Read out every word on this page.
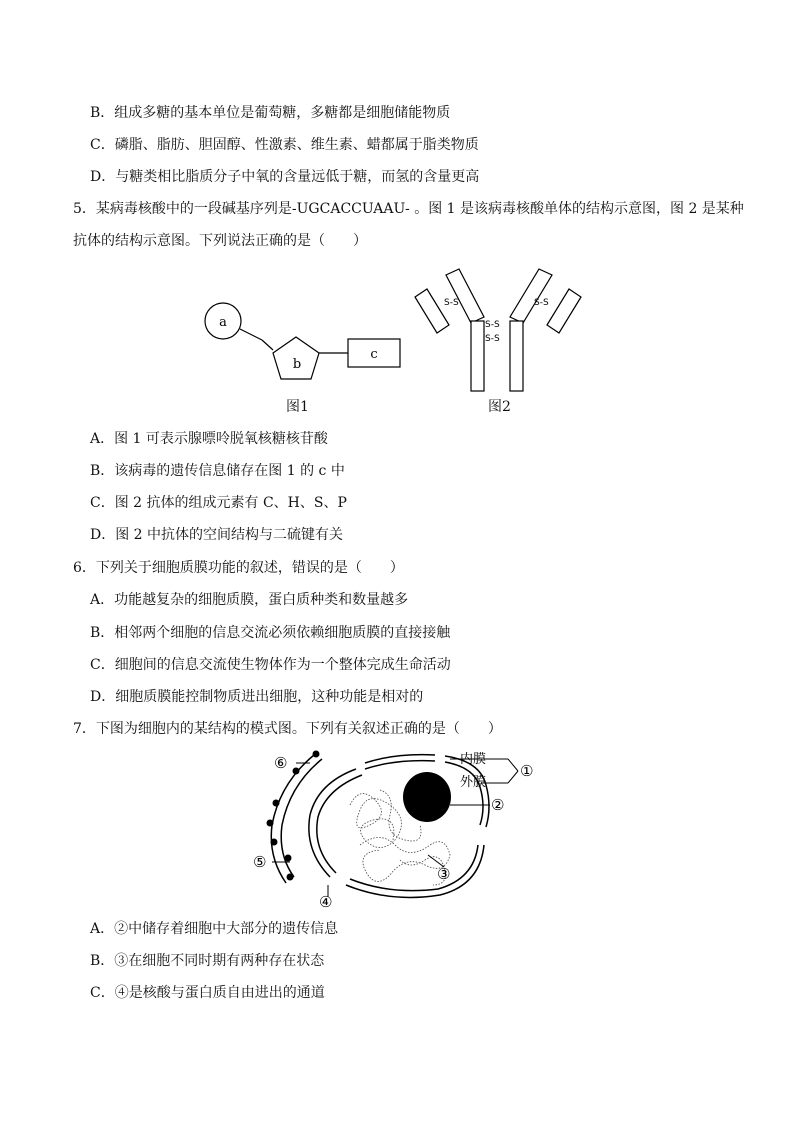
B．组成多糖的基本单位是葡萄糖，多糖都是细胞储能物质
C．磷脂、脂肪、胆固醇、性激素、维生素、蜡都属于脂类物质
D．与糖类相比脂质分子中氧的含量远低于糖，而氢的含量更高
5．某病毒核酸中的一段碱基序列是-UGCACCUAAU- 。图 1 是该病毒核酸单体的结构示意图，图 2 是某种
抗体的结构示意图。下列说法正确的是（　　）
a
b
c
图1
S-S
S-S
S-S
S-S
图2
A．图 1 可表示腺嘌呤脱氧核糖核苷酸
B．该病毒的遗传信息储存在图 1 的 c 中
C．图 2 抗体的组成元素有 C、H、S、P
D．图 2 中抗体的空间结构与二硫键有关
6．下列关于细胞质膜功能的叙述，错误的是（　　）
A．功能越复杂的细胞质膜，蛋白质种类和数量越多
B．相邻两个细胞的信息交流必须依赖细胞质膜的直接接触
C．细胞间的信息交流使生物体作为一个整体完成生命活动
D．细胞质膜能控制物质进出细胞，这种功能是相对的
7．下图为细胞内的某结构的模式图。下列有关叙述正确的是（　　）
内膜
外膜
①
②
③
④
⑤
⑥
A．②中储存着细胞中大部分的遗传信息
B．③在细胞不同时期有两种存在状态
C．④是核酸与蛋白质自由进出的通道
